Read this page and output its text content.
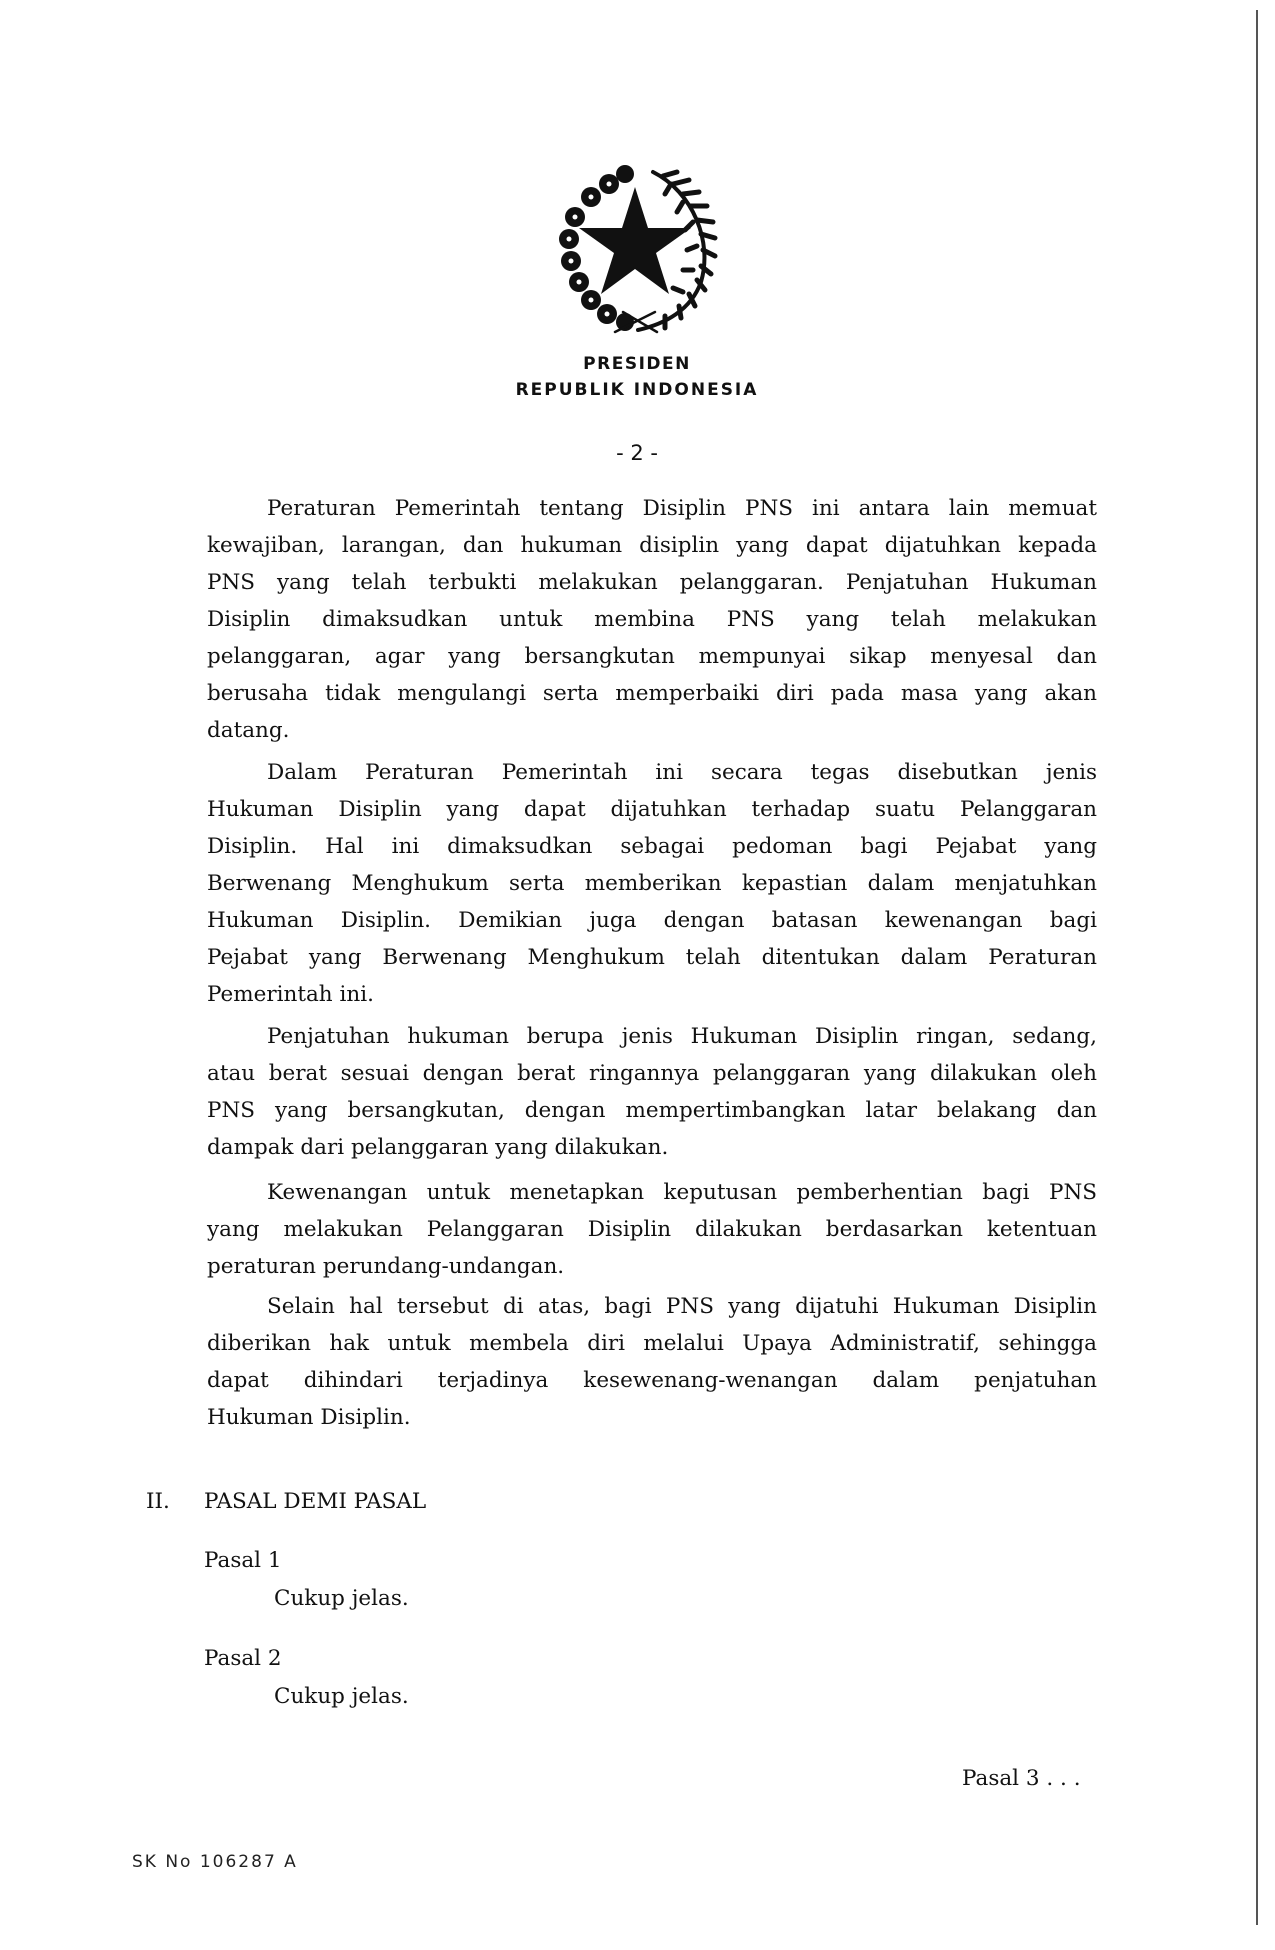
PRESIDEN
REPUBLIK INDONESIA
- 2 -
Peraturan Pemerintah tentang Disiplin PNS ini antara lain memuat
kewajiban, larangan, dan hukuman disiplin yang dapat dijatuhkan kepada
PNS yang telah terbukti melakukan pelanggaran. Penjatuhan Hukuman
Disiplin dimaksudkan untuk membina PNS yang telah melakukan
pelanggaran, agar yang bersangkutan mempunyai sikap menyesal dan
berusaha tidak mengulangi serta memperbaiki diri pada masa yang akan
datang.
Dalam Peraturan Pemerintah ini secara tegas disebutkan jenis
Hukuman Disiplin yang dapat dijatuhkan terhadap suatu Pelanggaran
Disiplin. Hal ini dimaksudkan sebagai pedoman bagi Pejabat yang
Berwenang Menghukum serta memberikan kepastian dalam menjatuhkan
Hukuman Disiplin. Demikian juga dengan batasan kewenangan bagi
Pejabat yang Berwenang Menghukum telah ditentukan dalam Peraturan
Pemerintah ini.
Penjatuhan hukuman berupa jenis Hukuman Disiplin ringan, sedang,
atau berat sesuai dengan berat ringannya pelanggaran yang dilakukan oleh
PNS yang bersangkutan, dengan mempertimbangkan latar belakang dan
dampak dari pelanggaran yang dilakukan.
Kewenangan untuk menetapkan keputusan pemberhentian bagi PNS
yang melakukan Pelanggaran Disiplin dilakukan berdasarkan ketentuan
peraturan perundang-undangan.
Selain hal tersebut di atas, bagi PNS yang dijatuhi Hukuman Disiplin
diberikan hak untuk membela diri melalui Upaya Administratif, sehingga
dapat dihindari terjadinya kesewenang-wenangan dalam penjatuhan
Hukuman Disiplin.
II. PASAL DEMI PASAL
Pasal 1
Cukup jelas.
Pasal 2
Cukup jelas.
Pasal 3 . . .
SK No 106287 A
